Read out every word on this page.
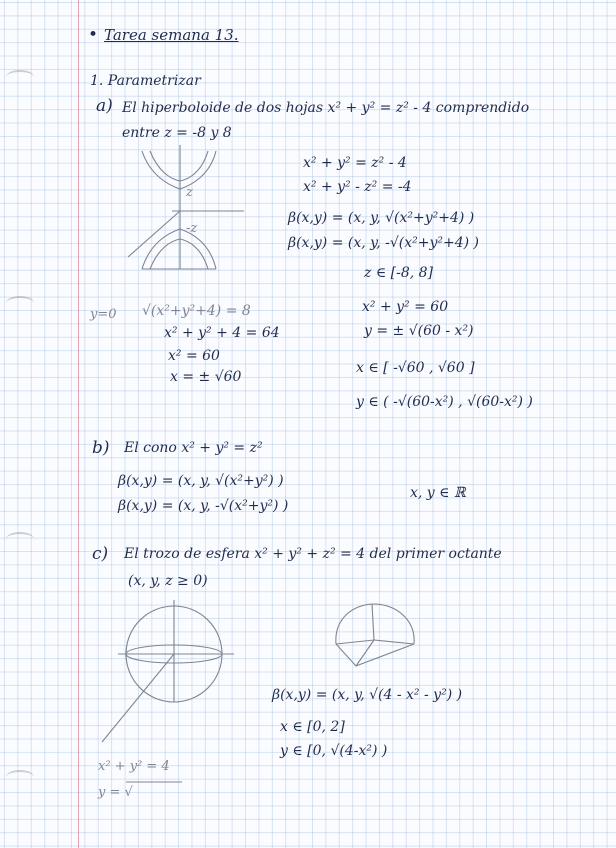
• Tarea semana 13.
1. Parametrizar
a) El hiperboloide de dos hojas x² + y² = z² - 4 comprendido
entre z = -8 y 8
z
-z
x² + y² = z² - 4
x² + y² - z² = -4
β(x,y) = (x, y, √(x²+y²+4) )
β(x,y) = (x, y, -√(x²+y²+4) )
z ∈ [-8, 8]
y=0 √(x²+y²+4) = 8
x² + y² + 4 = 64
x² = 60
x = ± √60
x² + y² = 60
y = ± √(60 - x²)
x ∈ [ -√60 , √60 ]
y ∈ ( -√(60-x²) , √(60-x²) )
b) El cono x² + y² = z²
β(x,y) = (x, y, √(x²+y²) )
β(x,y) = (x, y, -√(x²+y²) )
x, y ∈ ℝ
c) El trozo de esfera x² + y² + z² = 4 del primer octante
(x, y, z ≥ 0)
β(x,y) = (x, y, √(4 - x² - y²) )
x ∈ [0, 2]
y ∈ [0, √(4-x²) )
x² + y² = 4
y = √
